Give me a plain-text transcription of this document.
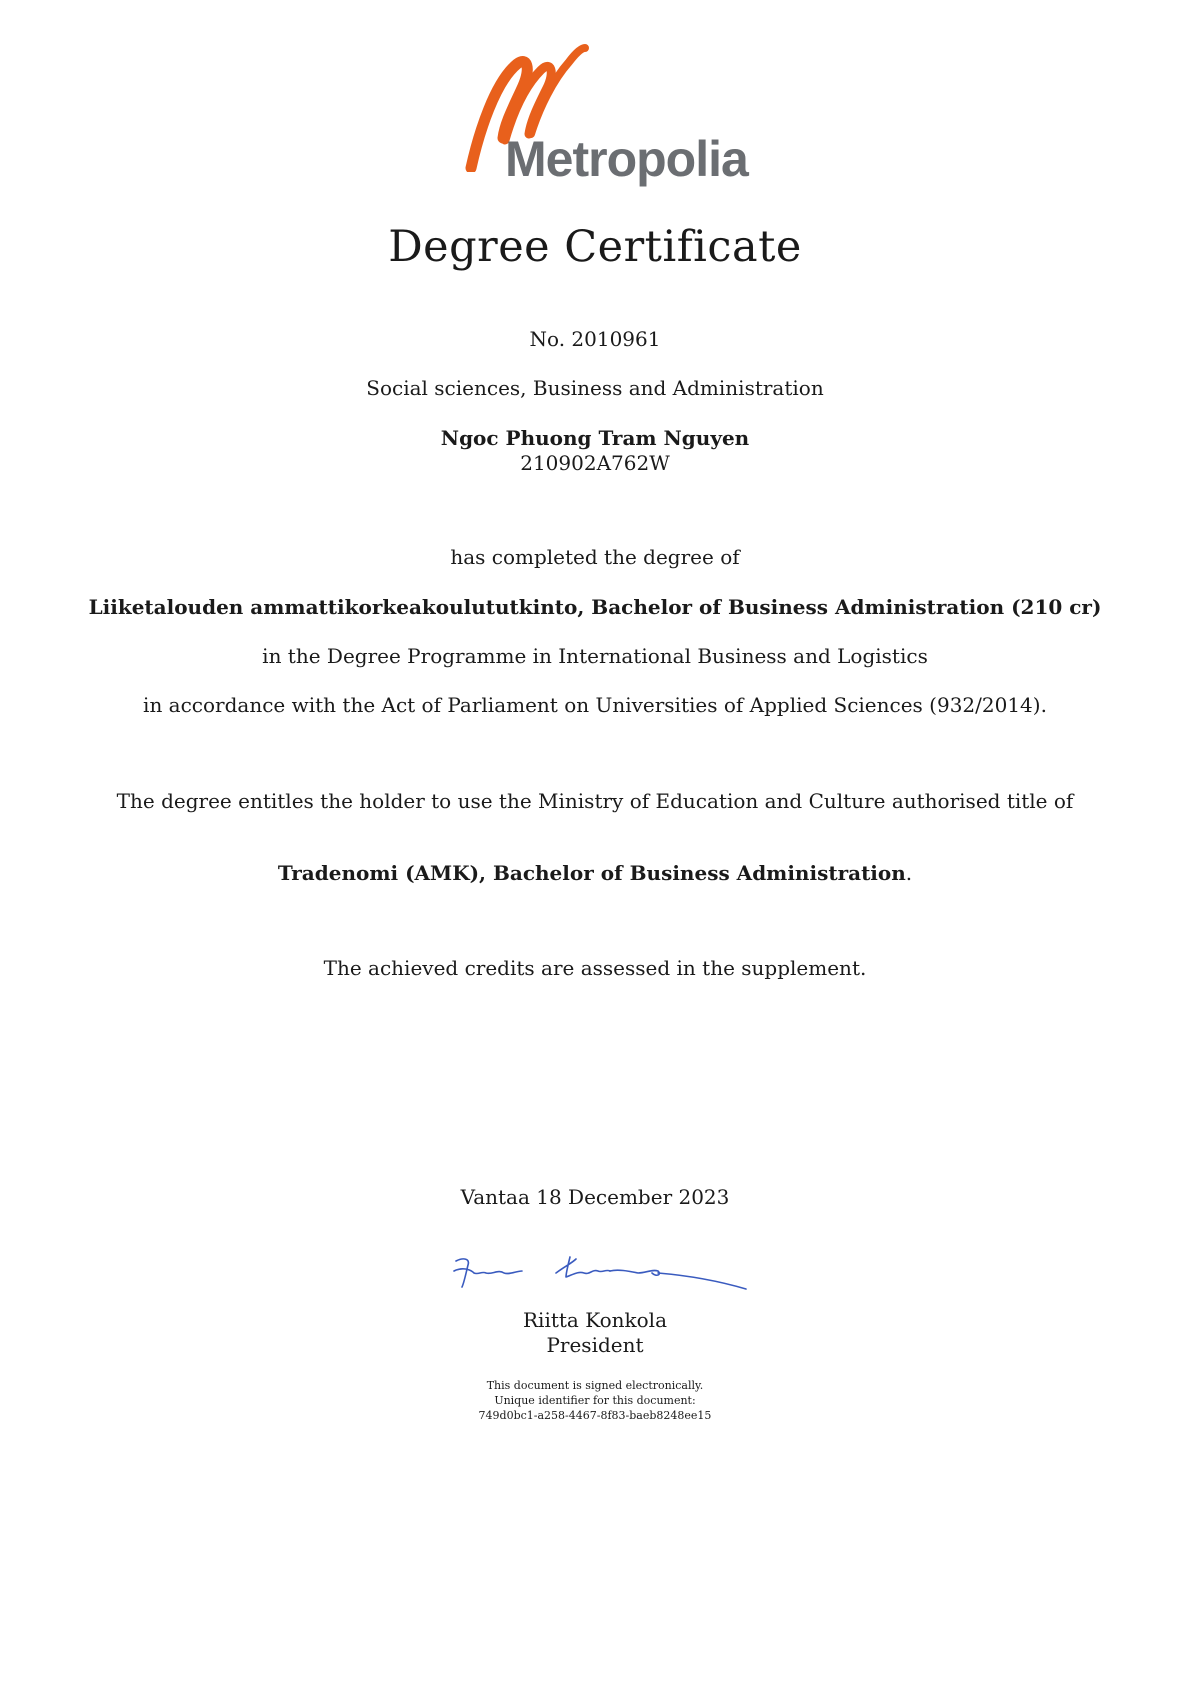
Metropolia
Degree Certificate
No. 2010961
Social sciences, Business and Administration
Ngoc Phuong Tram Nguyen
210902A762W
has completed the degree of
Liiketalouden ammattikorkeakoulututkinto, Bachelor of Business Administration (210 cr)
in the Degree Programme in International Business and Logistics
in accordance with the Act of Parliament on Universities of Applied Sciences (932/2014).
The degree entitles the holder to use the Ministry of Education and Culture authorised title of
Tradenomi (AMK), Bachelor of Business Administration.
The achieved credits are assessed in the supplement.
Vantaa 18 December 2023
Riitta Konkola
President
This document is signed electronically.
Unique identifier for this document:
749d0bc1-a258-4467-8f83-baeb8248ee15
